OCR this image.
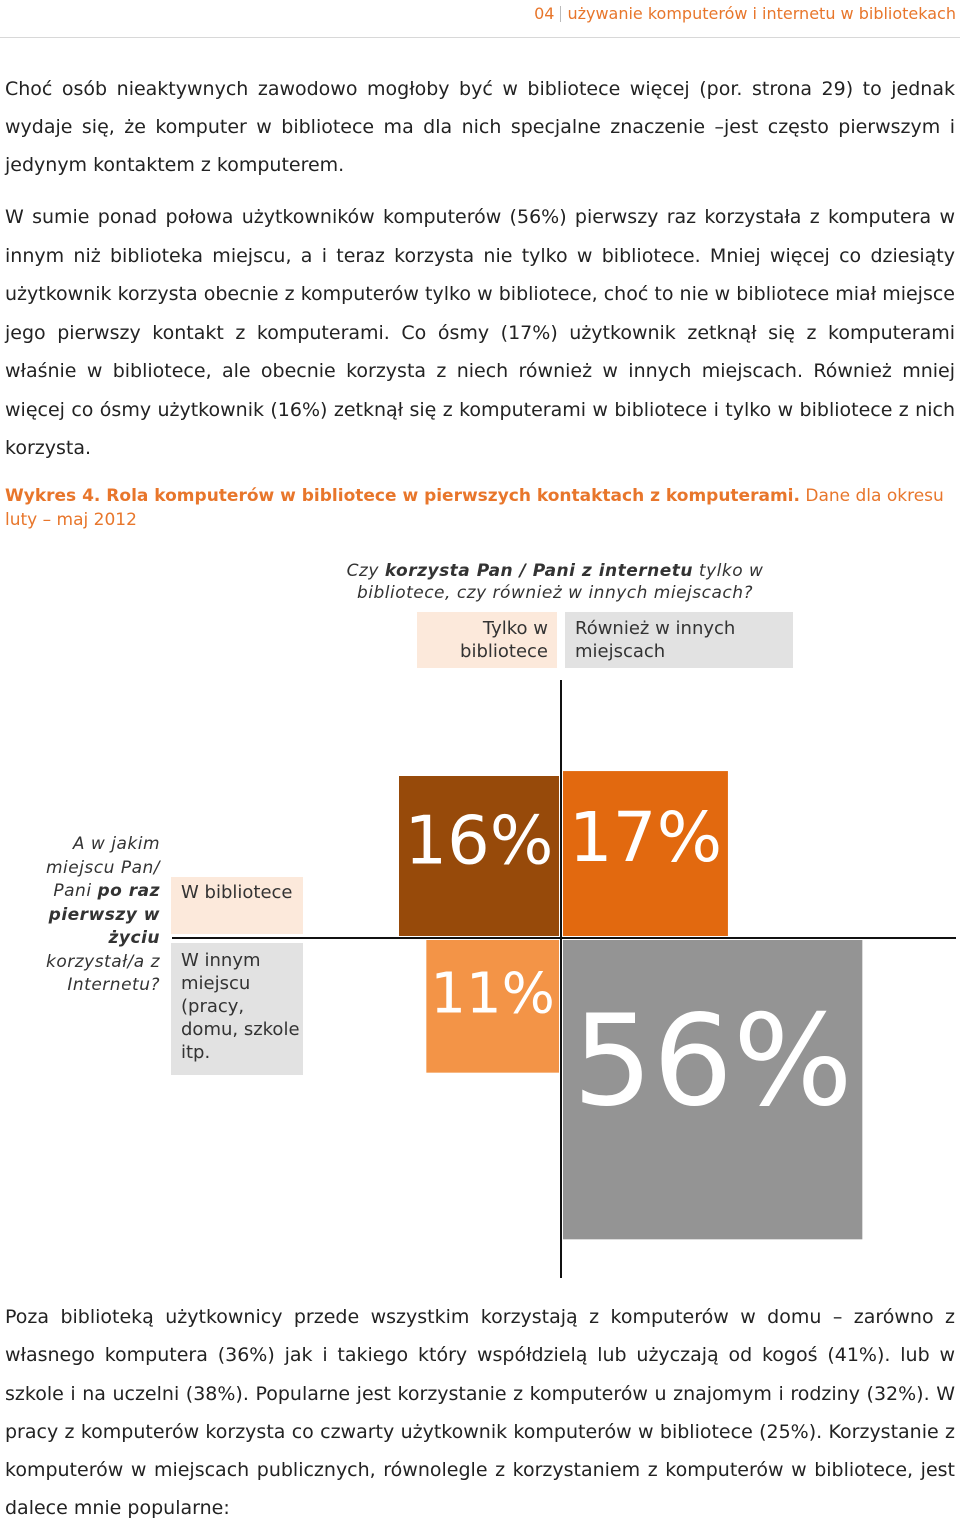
04 używanie komputerów i internetu w bibliotekach

Choć osób nieaktywnych zawodowo mogłoby być w bibliotece więcej (por. strona 29) to jednak wydaje się, że komputer w bibliotece ma dla nich specjalne znaczenie –jest często pierwszym i jedynym kontaktem z komputerem.

W sumie ponad połowa użytkowników komputerów (56%) pierwszy raz korzystała z komputera w innym niż biblioteka miejscu, a i teraz korzysta nie tylko w bibliotece. Mniej więcej co dziesiąty użytkownik korzysta obecnie z komputerów tylko w bibliotece, choć to nie w bibliotece miał miejsce jego pierwszy kontakt z komputerami. Co ósmy (17%) użytkownik zetknął się z komputerami właśnie w bibliotece, ale obecnie korzysta z niech również w innych miejscach. Również mniej więcej co ósmy użytkownik (16%) zetknął się z komputerami w bibliotece i tylko w bibliotece z nich korzysta.

Wykres 4. Rola komputerów w bibliotece w pierwszych kontaktach z komputerami. Dane dla okresu luty – maj 2012

Czy korzysta Pan / Pani z internetu tylko w bibliotece, czy również w innych miejscach?
Tylko w bibliotece
Również w innych miejscach
A w jakim miejscu Pan/ Pani po raz pierwszy w życiu korzystał/a z Internetu?
W bibliotece
W innym miejscu (pracy, domu, szkole itp.
16% 17%
11% 56%

Poza biblioteką użytkownicy przede wszystkim korzystają z komputerów w domu – zarówno z własnego komputera (36%) jak i takiego który współdzielą lub użyczają od kogoś (41%). lub w szkole i na uczelni (38%). Popularne jest korzystanie z komputerów u znajomym i rodziny (32%). W pracy z komputerów korzysta co czwarty użytkownik komputerów w bibliotece (25%). Korzystanie z komputerów w miejscach publicznych, równolegle z korzystaniem z komputerów w bibliotece, jest dalece mnie popularne:
